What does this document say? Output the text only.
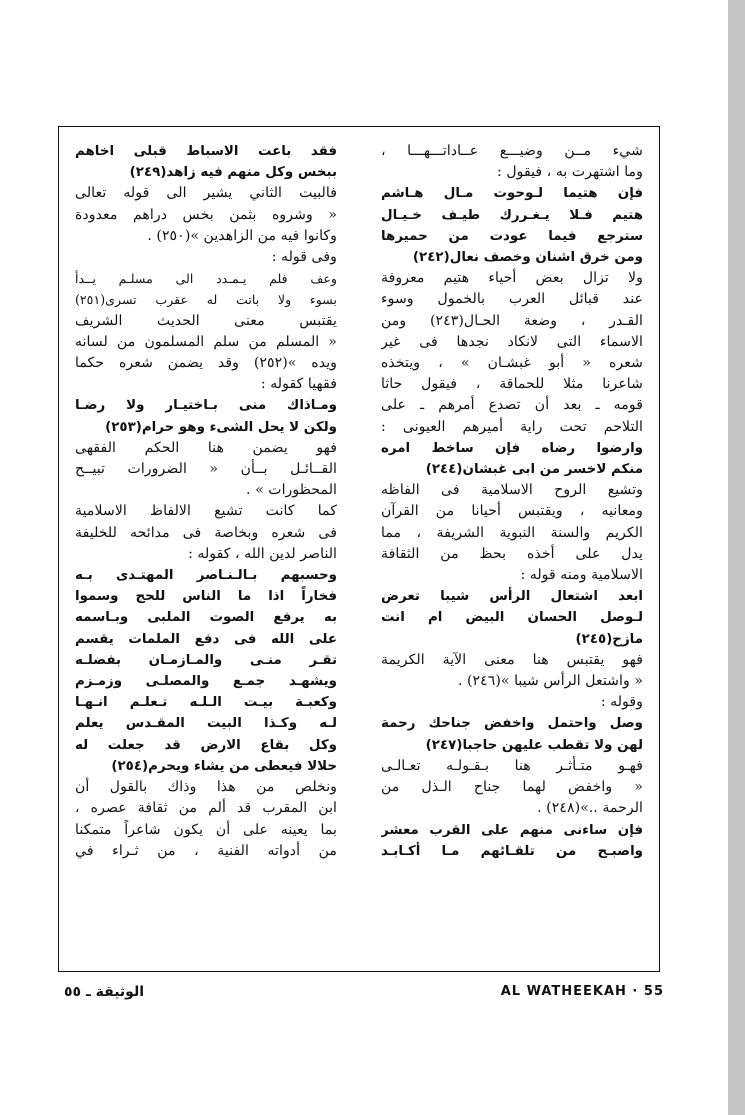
شيء مــن وضيـــع عــاداتـــهـــا ،
وما اشتهرت به ، فيقول :
فإن هتيما لـوحوت مـال هـاشم
هتيم فـلا يـغـررك طيـف خـيـال
سترجع فيما عودت من حميرها
ومن خرق اشنان وخصف نعال(٢٤٢)
ولا تزال بعض أحياء هتيم معروفة
عند قبائل العرب بالخمول وسوء
القـدر ، وضعة الحـال(٢٤٣) ومن
الاسماء التى لانكاد نجدها فى غير
شعره « أبو غبشـان » ، ويتخذه
شاعرنا مثلا للحماقة ، فيقول حاثا
قومه ـ بعد أن تصدع أمرهم ـ على
التلاحم تحت راية أميرهم العيونى :
وارضوا رضاه فإن ساخط امره
منكم لاخسر من ابى غبشان(٢٤٤)
وتشيع الروح الاسلامية فى الفاظه
ومعانيه ، ويقتبس أحيانا من القرآن
الكريم والسنة النبوية الشريفة ، مما
يدل على أخذه بحظ من الثقافة
الاسلامية ومنه قوله :
ابعد اشتعال الرأس شيبا تعرض
لـوصل الحسان البيض ام انت
مازح(٢٤٥)
فهو يقتبس هنا معنى الآية الكريمة
« واشتعل الرأس شيبا »(٢٤٦) .
وقوله :
وصل واحتمل واخفض جناحك رحمة
لهن ولا تقطب عليهن حاجبا(٢٤٧)
فهـو متـأثـر هنا بـقـولـه تعـالـى
« واخفض لهما جناح الـذل من
الرحمة ..»(٢٤٨) .
فإن ساءنى منهم على القرب معشر
واصبـح من تلقـائهم مـا أكـابـد
فقد باعت الاسباط قبلى اخاهم
ببخس وكل منهم فيه زاهد(٢٤٩)
فالبيت الثاني يشير الى قوله تعالى
« وشروه بثمن بخس دراهم معدودة
وكانوا فيه من الزاهدين »(٢٥٠) .
وفى قوله :
وعف فلم يـمـدد الى مسلـم يــدأ
بسوء ولا باتت له عقرب تسرى(٢٥١)
يقتبس معنى الحديث الشريف
« المسلم من سلم المسلمون من لسانه
ويده »(٢٥٢) وقد يضمن شعره حكما
فقهيا كقوله :
ومـاذاك منى بـاختيـار ولا رضـا
ولكن لا يحل الشىء وهو حرام(٢٥٣)
فهو يضمن هنا الحكم الفقهى
القــائـل بــأن « الضرورات تبيــح
المحظورات » .
كما كانت تشيع الالفاظ الاسلامية
فى شعره وبخاصة فى مدائحه للخليفة
الناصر لدين الله ، كقوله :
وحسبهم بـالـنـاصر المهتـدى بـه
فخاراً اذا ما الناس للحج وسموا
به يرفع الصوت الملبى وبـاسمه
على الله فى دفع الملمات يقسم
تقـر منـى والمـازمـان بفضلـه
ويشهـد جمـع والمصلـى وزمـزم
وكعبـة بيـت الـلـه تـعلـم انـهـا
لـه وكـذا البيت المقـدس يعلم
وكل بقاع الارض قد جعلت له
حلالا فيعطى من يشاء ويحرم(٢٥٤)
ونخلص من هذا وذاك بالقول أن
ابن المقرب قد ألم من ثقافة عصره ،
بما يعينه على أن يكون شاعراً متمكنا
من أدواته الفنية ، من ثـراء في
AL WATHEEKAH · 55
الوثيقة ـ ٥٥
